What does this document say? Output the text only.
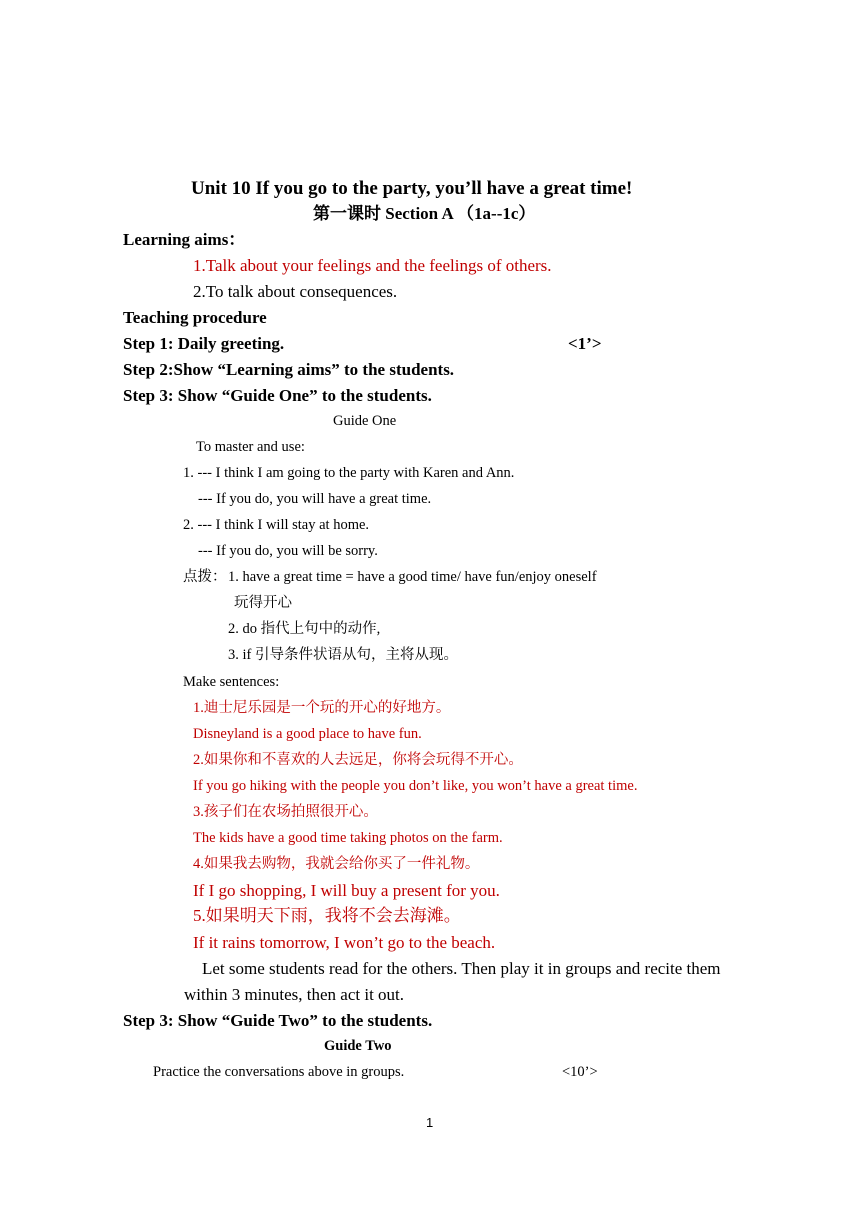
Unit 10 If you go to the party, you’ll have a great time!
第一课时 Section A （1a--1c）
Learning aims：
1.Talk about your feelings and the feelings of others.
2.To talk about consequences.
Teaching procedure
Step 1: Daily greeting.	<1’>
Step 2:Show “Learning aims” to the students.
Step 3: Show “Guide One” to the students.
Guide One
To master and use:
1. --- I think I am going to the party with Karen and Ann.
--- If you do, you will have a great time.
2. --- I think I will stay at home.
--- If you do, you will be sorry.
点拨： 1. have a great time = have a good time/ have fun/enjoy oneself
玩得开心
2. do 指代上句中的动作,
3. if 引导条件状语从句，主将从现。
Make sentences:
1.迪士尼乐园是一个玩的开心的好地方。
Disneyland is a good place to have fun.
2.如果你和不喜欢的人去远足，你将会玩得不开心。
If you go hiking with the people you don’t like, you won’t have a great time.
3.孩子们在农场拍照很开心。
The kids have a good time taking photos on the farm.
4.如果我去购物，我就会给你买了一件礼物。
If I go shopping, I will buy a present for you.
5.如果明天下雨，我将不会去海滩。
If it rains tomorrow, I won’t go to the beach.
Let some students read for the others. Then play it in groups and recite them
within 3 minutes, then act it out.
Step 3: Show “Guide Two” to the students.
Guide Two
Practice the conversations above in groups.	<10’>
1
